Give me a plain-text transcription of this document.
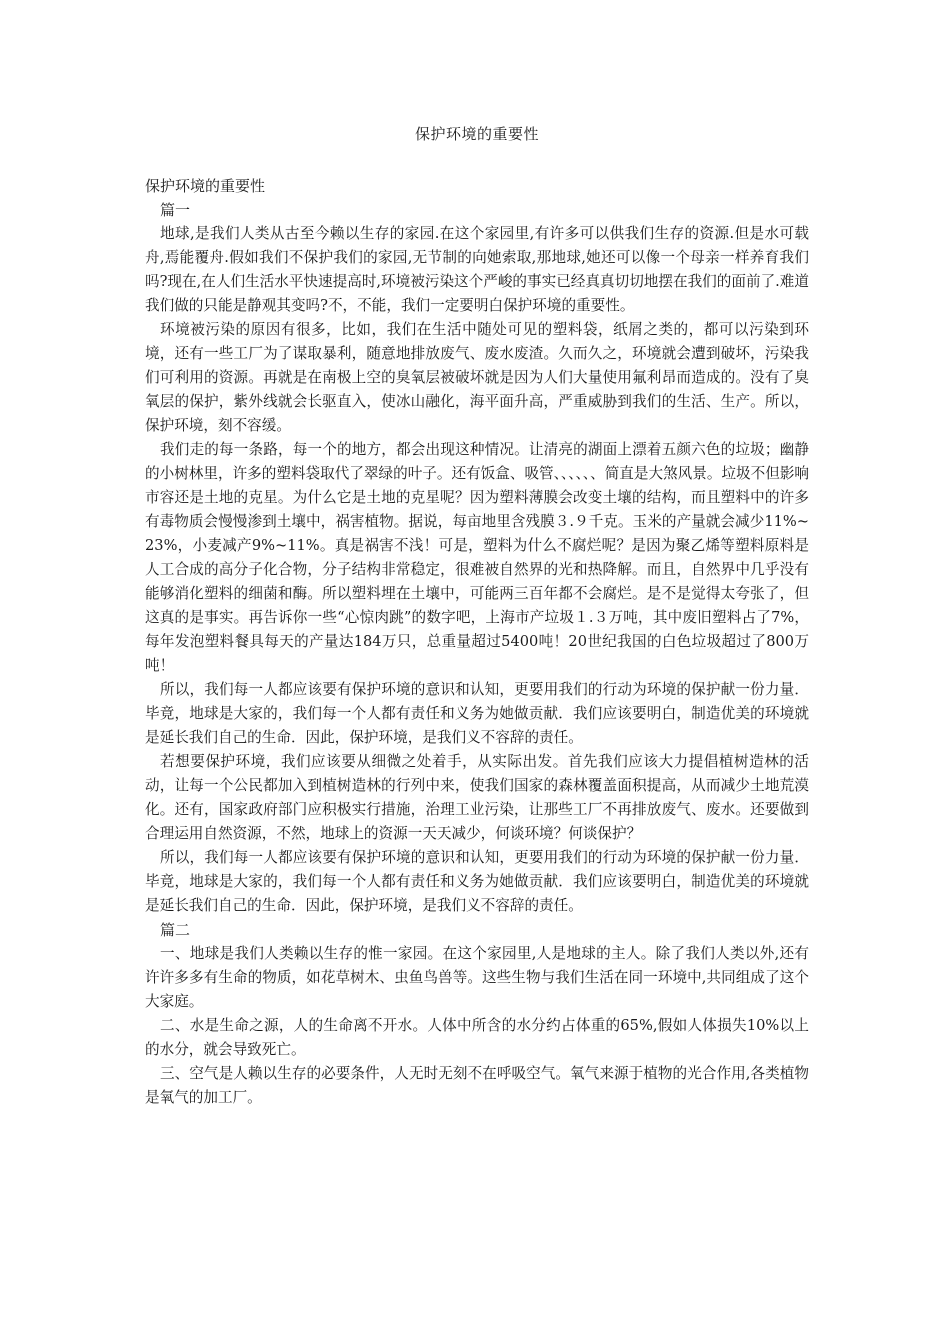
保护环境的重要性
保护环境的重要性
篇一

地球,是我们人类从古至今赖以生存的家园.在这个家园里,有许多可以供我们生存的资源.但是水可载舟,焉能覆舟.假如我们不保护我们的家园,无节制的向她索取,那地球,她还可以像一个母亲一样养育我们吗?现在,在人们生活水平快速提高时,环境被污染这个严峻的事实已经真真切切地摆在我们的面前了.难道我们做的只能是静观其变吗?不，不能，我们一定要明白保护环境的重要性。

环境被污染的原因有很多，比如，我们在生活中随处可见的塑料袋，纸屑之类的，都可以污染到环境，还有一些工厂为了谋取暴利，随意地排放废气、废水废渣。久而久之，环境就会遭到破坏，污染我们可利用的资源。再就是在南极上空的臭氧层被破坏就是因为人们大量使用氟利昂而造成的。没有了臭氧层的保护，紫外线就会长驱直入，使冰山融化，海平面升高，严重威胁到我们的生活、生产。所以，保护环境，刻不容缓。

我们走的每一条路，每一个的地方，都会出现这种情况。让清亮的湖面上漂着五颜六色的垃圾；幽静的小树林里，许多的塑料袋取代了翠绿的叶子。还有饭盒、吸管、、、、、、简直是大煞风景。垃圾不但影响市容还是土地的克星。为什么它是土地的克星呢？因为塑料薄膜会改变土壤的结构，而且塑料中的许多有毒物质会慢慢渗到土壤中，祸害植物。据说，每亩地里含残膜３.９千克。玉米的产量就会减少11%~23%，小麦减产9%~11%。真是祸害不浅！可是，塑料为什么不腐烂呢？是因为聚乙烯等塑料原料是人工合成的高分子化合物，分子结构非常稳定，很难被自然界的光和热降解。而且，自然界中几乎没有能够消化塑料的细菌和酶。所以塑料埋在土壤中，可能两三百年都不会腐烂。是不是觉得太夸张了，但这真的是事实。再告诉你一些“心惊肉跳”的数字吧，上海市产垃圾１.３万吨，其中废旧塑料占了7%，每年发泡塑料餐具每天的产量达184万只，总重量超过5400吨！20世纪我国的白色垃圾超过了800万吨！

所以，我们每一人都应该要有保护环境的意识和认知，更要用我们的行动为环境的保护献一份力量．毕竟，地球是大家的，我们每一个人都有责任和义务为她做贡献．我们应该要明白，制造优美的环境就是延长我们自己的生命．因此，保护环境，是我们义不容辞的责任。

若想要保护环境，我们应该要从细微之处着手，从实际出发。首先我们应该大力提倡植树造林的活动，让每一个公民都加入到植树造林的行列中来，使我们国家的森林覆盖面积提高，从而减少土地荒漠化。还有，国家政府部门应积极实行措施，治理工业污染，让那些工厂不再排放废气、废水。还要做到合理运用自然资源，不然，地球上的资源一天天减少，何谈环境？何谈保护？

所以，我们每一人都应该要有保护环境的意识和认知，更要用我们的行动为环境的保护献一份力量．毕竟，地球是大家的，我们每一个人都有责任和义务为她做贡献．我们应该要明白，制造优美的环境就是延长我们自己的生命．因此，保护环境，是我们义不容辞的责任。

篇二

一、地球是我们人类赖以生存的惟一家园。在这个家园里,人是地球的主人。除了我们人类以外,还有许许多多有生命的物质，如花草树木、虫鱼鸟兽等。这些生物与我们生活在同一环境中,共同组成了这个大家庭。

二、水是生命之源，人的生命离不开水。人体中所含的水分约占体重的65%,假如人体损失10%以上的水分，就会导致死亡。

三、空气是人赖以生存的必要条件，人无时无刻不在呼吸空气。氧气来源于植物的光合作用,各类植物是氧气的加工厂。
